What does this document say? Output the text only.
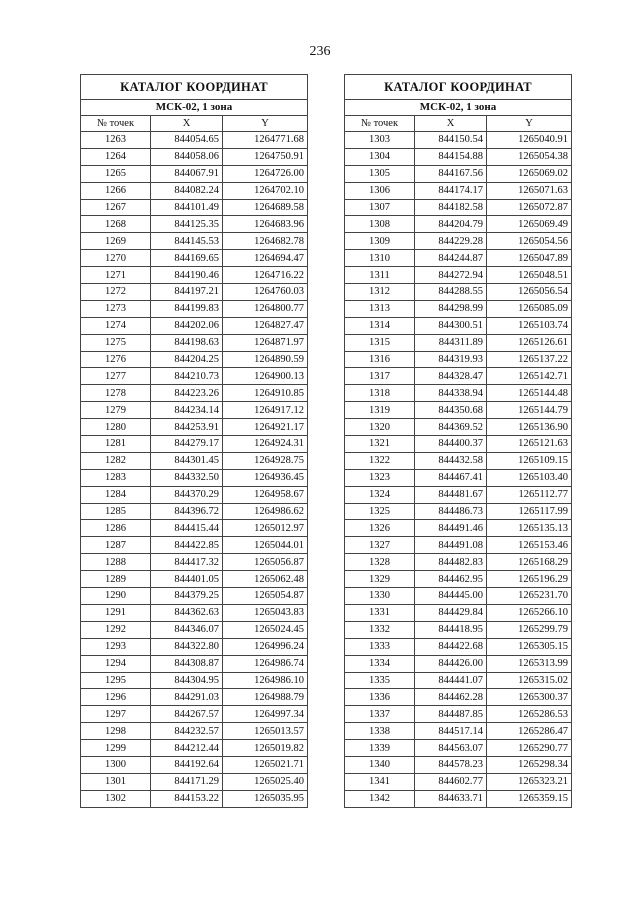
236
КАТАЛОГ КООРДИНАТ		
МСК-02, 1 зона		
№ точек	X	Y
1263	844054.65	1264771.68
1264	844058.06	1264750.91
1265	844067.91	1264726.00
1266	844082.24	1264702.10
1267	844101.49	1264689.58
1268	844125.35	1264683.96
1269	844145.53	1264682.78
1270	844169.65	1264694.47
1271	844190.46	1264716.22
1272	844197.21	1264760.03
1273	844199.83	1264800.77
1274	844202.06	1264827.47
1275	844198.63	1264871.97
1276	844204.25	1264890.59
1277	844210.73	1264900.13
1278	844223.26	1264910.85
1279	844234.14	1264917.12
1280	844253.91	1264921.17
1281	844279.17	1264924.31
1282	844301.45	1264928.75
1283	844332.50	1264936.45
1284	844370.29	1264958.67
1285	844396.72	1264986.62
1286	844415.44	1265012.97
1287	844422.85	1265044.01
1288	844417.32	1265056.87
1289	844401.05	1265062.48
1290	844379.25	1265054.87
1291	844362.63	1265043.83
1292	844346.07	1265024.45
1293	844322.80	1264996.24
1294	844308.87	1264986.74
1295	844304.95	1264986.10
1296	844291.03	1264988.79
1297	844267.57	1264997.34
1298	844232.57	1265013.57
1299	844212.44	1265019.82
1300	844192.64	1265021.71
1301	844171.29	1265025.40
1302	844153.22	1265035.95
КАТАЛОГ КООРДИНАТ		
МСК-02, 1 зона		
№ точек	X	Y
1303	844150.54	1265040.91
1304	844154.88	1265054.38
1305	844167.56	1265069.02
1306	844174.17	1265071.63
1307	844182.58	1265072.87
1308	844204.79	1265069.49
1309	844229.28	1265054.56
1310	844244.87	1265047.89
1311	844272.94	1265048.51
1312	844288.55	1265056.54
1313	844298.99	1265085.09
1314	844300.51	1265103.74
1315	844311.89	1265126.61
1316	844319.93	1265137.22
1317	844328.47	1265142.71
1318	844338.94	1265144.48
1319	844350.68	1265144.79
1320	844369.52	1265136.90
1321	844400.37	1265121.63
1322	844432.58	1265109.15
1323	844467.41	1265103.40
1324	844481.67	1265112.77
1325	844486.73	1265117.99
1326	844491.46	1265135.13
1327	844491.08	1265153.46
1328	844482.83	1265168.29
1329	844462.95	1265196.29
1330	844445.00	1265231.70
1331	844429.84	1265266.10
1332	844418.95	1265299.79
1333	844422.68	1265305.15
1334	844426.00	1265313.99
1335	844441.07	1265315.02
1336	844462.28	1265300.37
1337	844487.85	1265286.53
1338	844517.14	1265286.47
1339	844563.07	1265290.77
1340	844578.23	1265298.34
1341	844602.77	1265323.21
1342	844633.71	1265359.15
